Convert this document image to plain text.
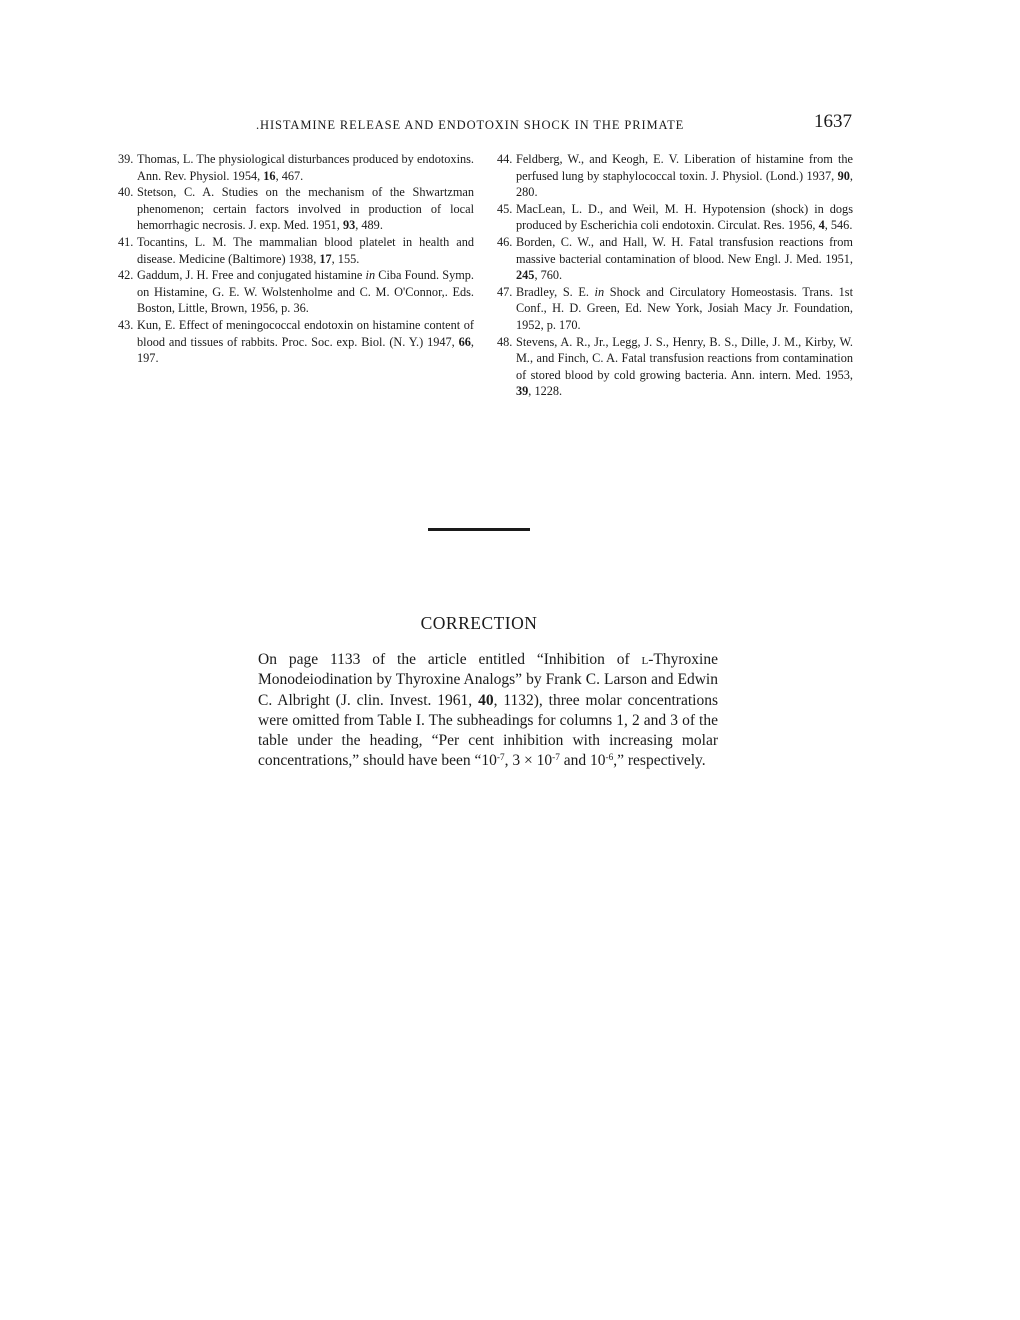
.HISTAMINE RELEASE AND ENDOTOXIN SHOCK IN THE PRIMATE	1637
39. Thomas, L. The physiological disturbances produced by endotoxins. Ann. Rev. Physiol. 1954, 16, 467.
40. Stetson, C. A. Studies on the mechanism of the Shwartzman phenomenon; certain factors involved in production of local hemorrhagic necrosis. J. exp. Med. 1951, 93, 489.
41. Tocantins, L. M. The mammalian blood platelet in health and disease. Medicine (Baltimore) 1938, 17, 155.
42. Gaddum, J. H. Free and conjugated histamine in Ciba Found. Symp. on Histamine, G. E. W. Wolstenholme and C. M. O'Connor,. Eds. Boston, Little, Brown, 1956, p. 36.
43. Kun, E. Effect of meningococcal endotoxin on histamine content of blood and tissues of rabbits. Proc. Soc. exp. Biol. (N. Y.) 1947, 66, 197.
44. Feldberg, W., and Keogh, E. V. Liberation of histamine from the perfused lung by staphylococcal toxin. J. Physiol. (Lond.) 1937, 90, 280.
45. MacLean, L. D., and Weil, M. H. Hypotension (shock) in dogs produced by Escherichia coli endotoxin. Circulat. Res. 1956, 4, 546.
46. Borden, C. W., and Hall, W. H. Fatal transfusion reactions from massive bacterial contamination of blood. New Engl. J. Med. 1951, 245, 760.
47. Bradley, S. E. in Shock and Circulatory Homeostasis. Trans. 1st Conf., H. D. Green, Ed. New York, Josiah Macy Jr. Foundation, 1952, p. 170.
48. Stevens, A. R., Jr., Legg, J. S., Henry, B. S., Dille, J. M., Kirby, W. M., and Finch, C. A. Fatal transfusion reactions from contamination of stored blood by cold growing bacteria. Ann. intern. Med. 1953, 39, 1228.
CORRECTION

On page 1133 of the article entitled “Inhibition of l-Thyroxine Monodeiodination by Thyroxine Analogs” by Frank C. Larson and Edwin C. Albright (J. clin. Invest. 1961, 40, 1132), three molar concentrations were omitted from Table I. The subheadings for columns 1, 2 and 3 of the table under the heading, “Per cent inhibition with increasing molar concentrations,” should have been “$10^{-7}$, $3 \times 10^{-7}$ and $10^{-6}$,” respectively.
